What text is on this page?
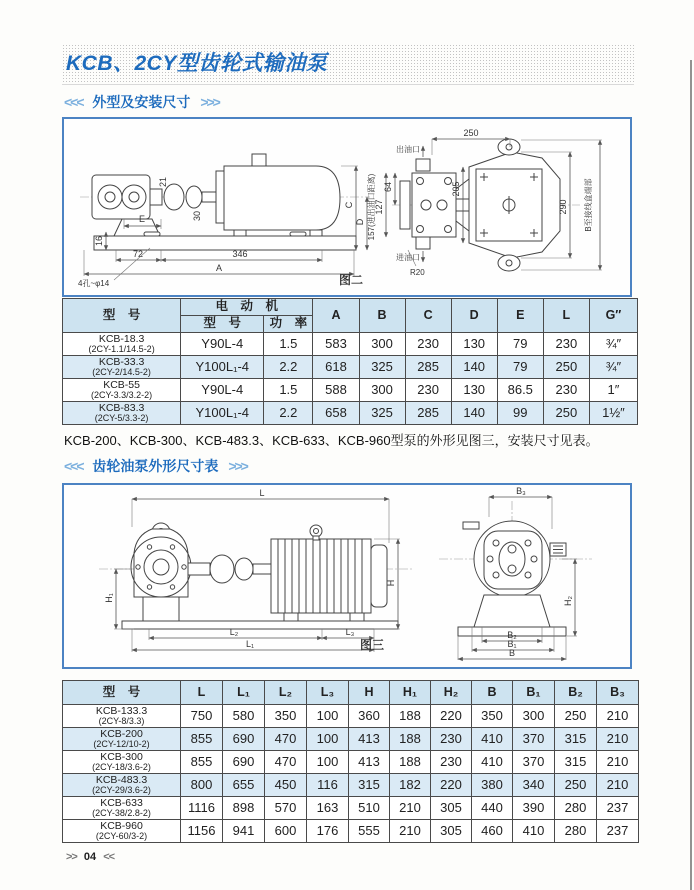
KCB、2CY型齿轮式输油泵
<<< 外型及安装尺寸 >>>
E
16
72	346
A
4孔~φ14
C
D
21
30
出油口
进油口
R20
250
205
290 B至接线盒端部
127
64
157(进出油口距离)
图二
型　号	电　动　机		A	B	C	D	E	L	G″
	型　号	功　率							

KCB-18.3
(2CY-1.1/14.5-2)	Y90L-4	1.5	583	300	230	130	79	230	¾″

KCB-33.3
(2CY-2/14.5-2)	Y100L₁-4	2.2	618	325	285	140	79	250	¾″

KCB-55
(2CY-3.3/3.2-2)	Y90L-4	1.5	588	300	230	130	86.5	230	1″

KCB-83.3
(2CY-5/3.3-2)	Y100L₁-4	2.2	658	325	285	140	99	250	1½″
KCB-200、KCB-300、KCB-483.3、KCB-633、KCB-960型泵的外形见图三，安装尺寸见表。
<<< 齿轮油泵外形尺寸表 >>>
L
H
H₁
L₂	L₃
L₁
B₃
H₂
B₂
B₁
B
图三
型　号	L	L₁	L₂	L₃	H	H₁	H₂	B	B₁	B₂	B₃

KCB-133.3
(2CY-8/3.3)	750	580	350	100	360	188	220	350	300	250	210

KCB-200
(2CY-12/10-2)	855	690	470	100	413	188	230	410	370	315	210

KCB-300
(2CY-18/3.6-2)	855	690	470	100	413	188	230	410	370	315	210

KCB-483.3
(2CY-29/3.6-2)	800	655	450	116	315	182	220	380	340	250	210

KCB-633
(2CY-38/2.8-2)	1116	898	570	163	510	210	305	440	390	280	237

KCB-960
(2CY-60/3-2)	1156	941	600	176	555	210	305	460	410	280	237
>> 04 <<
